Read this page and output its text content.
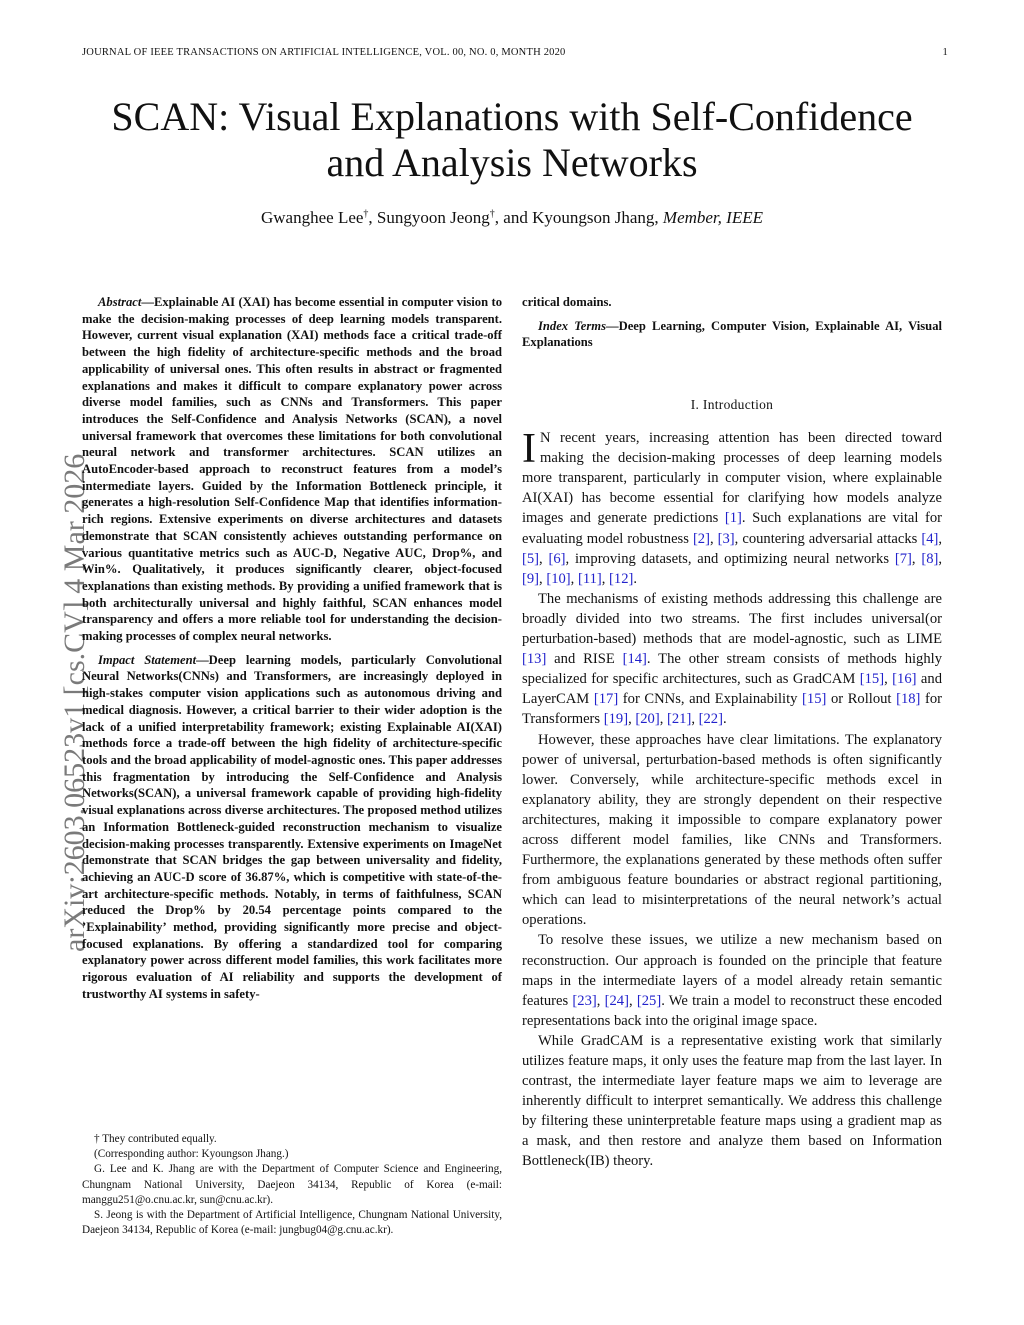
JOURNAL OF IEEE TRANSACTIONS ON ARTIFICIAL INTELLIGENCE, VOL. 00, NO. 0, MONTH 2020	1
SCAN: Visual Explanations with Self-Confidence
and Analysis Networks
Gwanghee Lee†, Sungyoon Jeong†, and Kyoungson Jhang, Member, IEEE
arXiv:2603.06523v1 [cs.CV] 4 Mar 2026

Abstract—Explainable AI (XAI) has become essential in computer vision to make the decision-making processes of deep learning models transparent. However, current visual explanation (XAI) methods face a critical trade-off between the high fidelity of architecture-specific methods and the broad applicability of universal ones. This often results in abstract or fragmented explanations and makes it difficult to compare explanatory power across diverse model families, such as CNNs and Transformers. This paper introduces the Self-Confidence and Analysis Networks (SCAN), a novel universal framework that overcomes these limitations for both convolutional neural network and transformer architectures. SCAN utilizes an AutoEncoder-based approach to reconstruct features from a model’s intermediate layers. Guided by the Information Bottleneck principle, it generates a high-resolution Self-Confidence Map that identifies information-rich regions. Extensive experiments on diverse architectures and datasets demonstrate that SCAN consistently achieves outstanding performance on various quantitative metrics such as AUC-D, Negative AUC, Drop%, and Win%. Qualitatively, it produces significantly clearer, object-focused explanations than existing methods. By providing a unified framework that is both architecturally universal and highly faithful, SCAN enhances model transparency and offers a more reliable tool for understanding the decision-making processes of complex neural networks.

Impact Statement—Deep learning models, particularly Convolutional Neural Networks(CNNs) and Transformers, are increasingly deployed in high-stakes computer vision applications such as autonomous driving and medical diagnosis. However, a critical barrier to their wider adoption is the lack of a unified interpretability framework; existing Explainable AI(XAI) methods force a trade-off between the high fidelity of architecture-specific tools and the broad applicability of model-agnostic ones. This paper addresses this fragmentation by introducing the Self-Confidence and Analysis Networks(SCAN), a universal framework capable of providing high-fidelity visual explanations across diverse architectures. The proposed method utilizes an Information Bottleneck-guided reconstruction mechanism to visualize decision-making processes transparently. Extensive experiments on ImageNet demonstrate that SCAN bridges the gap between universality and fidelity, achieving an AUC-D score of 36.87%, which is competitive with state-of-the-art architecture-specific methods. Notably, in terms of faithfulness, SCAN reduced the Drop% by 20.54 percentage points compared to the ’Explainability’ method, providing significantly more precise and object-focused explanations. By offering a standardized tool for comparing explanatory power across different model families, this work facilitates more rigorous evaluation of AI reliability and supports the development of trustworthy AI systems in safety-

† They contributed equally.

(Corresponding author: Kyoungson Jhang.)

G. Lee and K. Jhang are with the Department of Computer Science and Engineering, Chungnam National University, Daejeon 34134, Republic of Korea (e-mail: manggu251@o.cnu.ac.kr, sun@cnu.ac.kr).

S. Jeong is with the Department of Artificial Intelligence, Chungnam National University, Daejeon 34134, Republic of Korea (e-mail: jungbug04@g.cnu.ac.kr).

critical domains.

Index Terms—Deep Learning, Computer Vision, Explainable AI, Visual Explanations

I. Introduction

I N recent years, increasing attention has been directed toward making the decision-making processes of deep learning models more transparent, particularly in computer vision, where explainable AI(XAI) has become essential for clarifying how models analyze images and generate predictions [1]. Such explanations are vital for evaluating model robustness [2], [3], countering adversarial attacks [4], [5], [6], improving datasets, and optimizing neural networks [7], [8], [9], [10], [11], [12].

The mechanisms of existing methods addressing this challenge are broadly divided into two streams. The first includes universal(or perturbation-based) methods that are model-agnostic, such as LIME [13] and RISE [14]. The other stream consists of methods highly specialized for specific architectures, such as GradCAM [15], [16] and LayerCAM [17] for CNNs, and Explainability [15] or Rollout [18] for Transformers [19], [20], [21], [22].

However, these approaches have clear limitations. The explanatory power of universal, perturbation-based methods is often significantly lower. Conversely, while architecture-specific methods excel in explanatory ability, they are strongly dependent on their respective architectures, making it impossible to compare explanatory power across different model families, like CNNs and Transformers. Furthermore, the explanations generated by these methods often suffer from ambiguous feature boundaries or abstract regional partitioning, which can lead to misinterpretations of the neural network’s actual operations.

To resolve these issues, we utilize a new mechanism based on reconstruction. Our approach is founded on the principle that feature maps in the intermediate layers of a model already retain semantic features [23], [24], [25]. We train a model to reconstruct these encoded representations back into the original image space.

While GradCAM is a representative existing work that similarly utilizes feature maps, it only uses the feature map from the last layer. In contrast, the intermediate layer feature maps we aim to leverage are inherently difficult to interpret semantically. We address this challenge by filtering these uninterpretable feature maps using a gradient map as a mask, and then restore and analyze them based on Information Bottleneck(IB) theory.
